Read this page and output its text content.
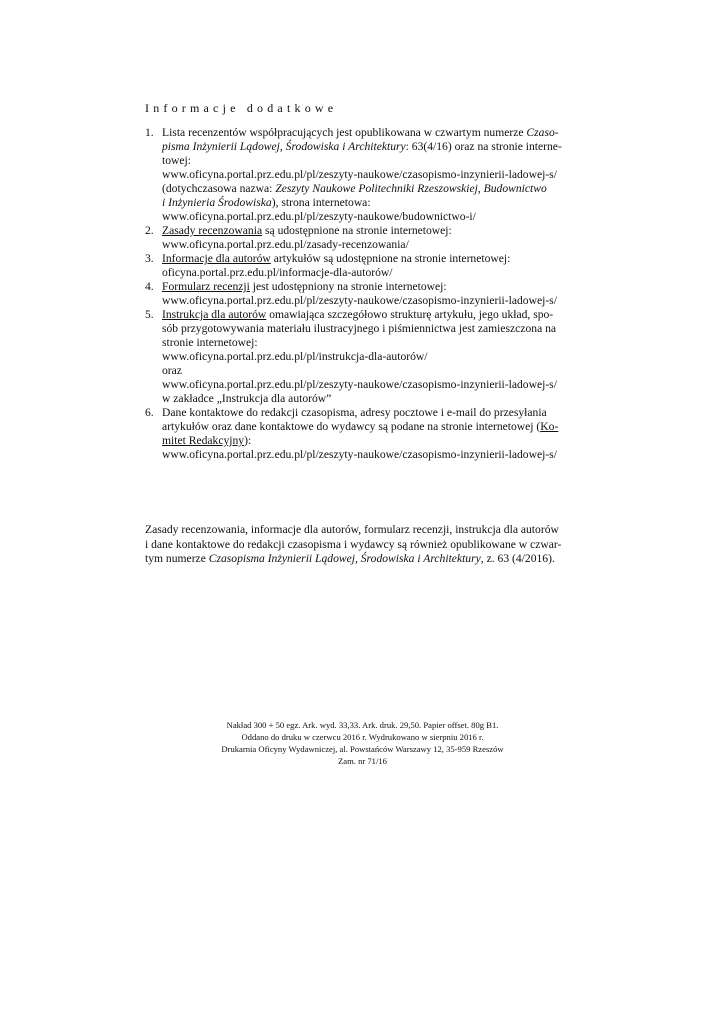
Informacje dodatkowe
1. Lista recenzentów współpracujących jest opublikowana w czwartym numerze Czaso-
pisma Inżynierii Lądowej, Środowiska i Architektury: 63(4/16) oraz na stronie interne-
towej:
www.oficyna.portal.prz.edu.pl/pl/zeszyty-naukowe/czasopismo-inzynierii-ladowej-s/
(dotychczasowa nazwa: Zeszyty Naukowe Politechniki Rzeszowskiej, Budownictwo
i Inżynieria Środowiska), strona internetowa:
www.oficyna.portal.prz.edu.pl/pl/zeszyty-naukowe/budownictwo-i/
2. Zasady recenzowania są udostępnione na stronie internetowej:
www.oficyna.portal.prz.edu.pl/zasady-recenzowania/
3. Informacje dla autorów artykułów są udostępnione na stronie internetowej:
oficyna.portal.prz.edu.pl/informacje-dla-autorów/
4. Formularz recenzji jest udostępniony na stronie internetowej:
www.oficyna.portal.prz.edu.pl/pl/zeszyty-naukowe/czasopismo-inzynierii-ladowej-s/
5. Instrukcja dla autorów omawiająca szczegółowo strukturę artykułu, jego układ, spo-
sób przygotowywania materiału ilustracyjnego i piśmiennictwa jest zamieszczona na
stronie internetowej:
www.oficyna.portal.prz.edu.pl/pl/instrukcja-dla-autorów/
oraz
www.oficyna.portal.prz.edu.pl/pl/zeszyty-naukowe/czasopismo-inzynierii-ladowej-s/
w zakładce „Instrukcja dla autorów”
6. Dane kontaktowe do redakcji czasopisma, adresy pocztowe i e-mail do przesyłania
artykułów oraz dane kontaktowe do wydawcy są podane na stronie internetowej (Ko-
mitet Redakcyjny):
www.oficyna.portal.prz.edu.pl/pl/zeszyty-naukowe/czasopismo-inzynierii-ladowej-s/

Zasady recenzowania, informacje dla autorów, formularz recenzji, instrukcja dla autorów
i dane kontaktowe do redakcji czasopisma i wydawcy są również opublikowane w czwar-
tym numerze Czasopisma Inżynierii Lądowej, Środowiska i Architektury, z. 63 (4/2016).

Nakład 300 + 50 egz. Ark. wyd. 33,33. Ark. druk. 29,50. Papier offset. 80g B1.
Oddano do druku w czerwcu 2016 r. Wydrukowano w sierpniu 2016 r.
Drukarnia Oficyny Wydawniczej, al. Powstańców Warszawy 12, 35-959 Rzeszów
Zam. nr 71/16
